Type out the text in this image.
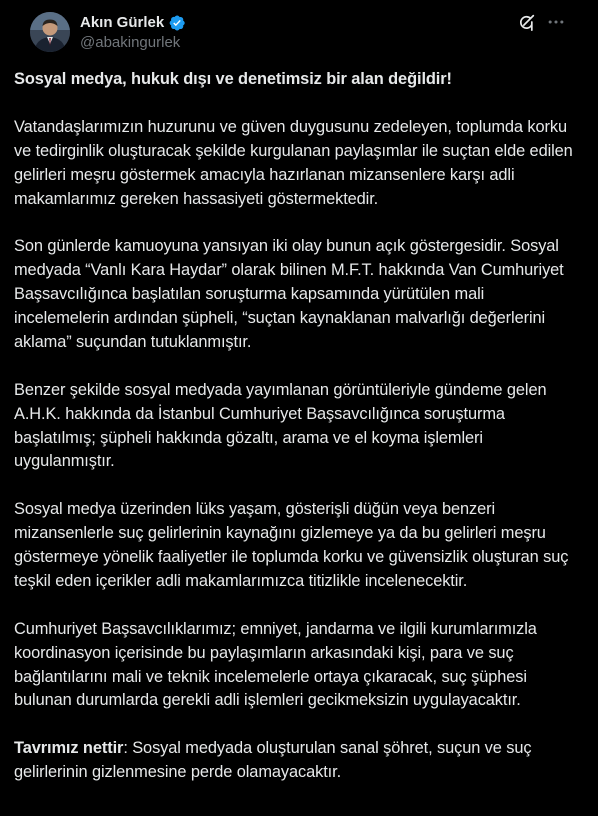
Akın Gürlek
@abakingurlek

Sosyal medya, hukuk dışı ve denetimsiz bir alan değildir!

Vatandaşlarımızın huzurunu ve güven duygusunu zedeleyen, toplumda korku ve tedirginlik oluşturacak şekilde kurgulanan paylaşımlar ile suçtan elde edilen gelirleri meşru göstermek amacıyla hazırlanan mizansenlere karşı adli makamlarımız gereken hassasiyeti göstermektedir.

Son günlerde kamuoyuna yansıyan iki olay bunun açık göstergesidir. Sosyal medyada “Vanlı Kara Haydar” olarak bilinen M.F.T. hakkında Van Cumhuriyet Başsavcılığınca başlatılan soruşturma kapsamında yürütülen mali incelemelerin ardından şüpheli, “suçtan kaynaklanan malvarlığı değerlerini aklama” suçundan tutuklanmıştır.

Benzer şekilde sosyal medyada yayımlanan görüntüleriyle gündeme gelen A.H.K. hakkında da İstanbul Cumhuriyet Başsavcılığınca soruşturma başlatılmış; şüpheli hakkında gözaltı, arama ve el koyma işlemleri uygulanmıştır.

Sosyal medya üzerinden lüks yaşam, gösterişli düğün veya benzeri mizansenlerle suç gelirlerinin kaynağını gizlemeye ya da bu gelirleri meşru göstermeye yönelik faaliyetler ile toplumda korku ve güvensizlik oluşturan suç teşkil eden içerikler adli makamlarımızca titizlikle incelenecektir.

Cumhuriyet Başsavcılıklarımız; emniyet, jandarma ve ilgili kurumlarımızla koordinasyon içerisinde bu paylaşımların arkasındaki kişi, para ve suç bağlantılarını mali ve teknik incelemelerle ortaya çıkaracak, suç şüphesi bulunan durumlarda gerekli adli işlemleri gecikmeksizin uygulayacaktır.

Tavrımız nettir: Sosyal medyada oluşturulan sanal şöhret, suçun ve suç gelirlerinin gizlenmesine perde olamayacaktır.
